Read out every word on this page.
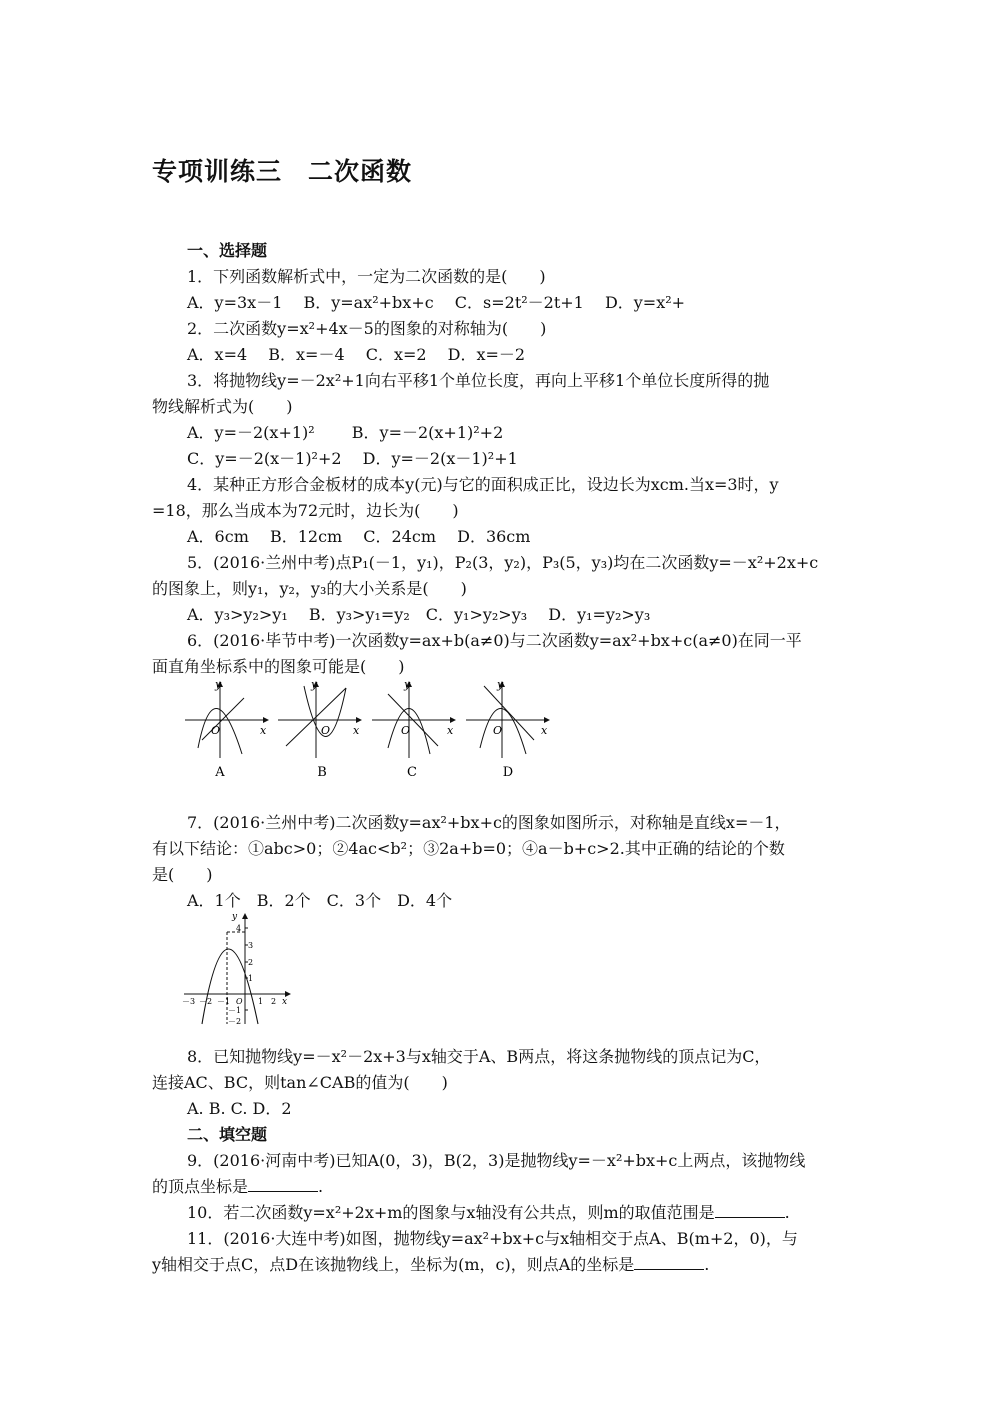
专项训练三　二次函数
一、选择题
1．下列函数解析式中，一定为二次函数的是(　　)
A．y=3x－1　 B．y=ax²+bx+c　 C．s=2t²－2t+1　 D．y=x²+
2．二次函数y=x²+4x－5的图象的对称轴为(　　)
A．x=4　 B．x=－4　 C．x=2　 D．x=－2
3．将抛物线y=－2x²+1向右平移1个单位长度，再向上平移1个单位长度所得的抛
物线解析式为(　　)
A．y=－2(x+1)²　　 B．y=－2(x+1)²+2
C．y=－2(x－1)²+2　 D．y=－2(x－1)²+1
4．某种正方形合金板材的成本y(元)与它的面积成正比，设边长为xcm.当x=3时，y
=18，那么当成本为72元时，边长为(　　)
A．6cm　 B．12cm　 C．24cm　 D．36cm
5．(2016·兰州中考)点P₁(－1，y₁)，P₂(3，y₂)，P₃(5，y₃)均在二次函数y=－x²+2x+c
的图象上，则y₁，y₂，y₃的大小关系是(　　)
A．y₃>y₂>y₁　 B．y₃>y₁=y₂　C．y₁>y₂>y₃　 D．y₁=y₂>y₃
6．(2016·毕节中考)一次函数y=ax+b(a≠0)与二次函数y=ax²+bx+c(a≠0)在同一平
面直角坐标系中的图象可能是(　　)
y
x
O
A
y
x
O
B
y
x
O
C
y
x
O
D
7．(2016·兰州中考)二次函数y=ax²+bx+c的图象如图所示，对称轴是直线x=－1，
有以下结论：①abc>0；②4ac<b²；③2a+b=0；④a－b+c>2.其中正确的结论的个数
是(　　)
A．1个　B．2个　C．3个　D．4个
y
4
3
2
1
－1
－2
－3 －2 －1 O 1 2 x
8．已知抛物线y=－x²－2x+3与x轴交于A、B两点，将这条抛物线的顶点记为C，
连接AC、BC，则tan∠CAB的值为(　　)
A. B. C. D．2
二、填空题
9．(2016·河南中考)已知A(0，3)，B(2，3)是抛物线y=－x²+bx+c上两点，该抛物线
的顶点坐标是	.
10．若二次函数y=x²+2x+m的图象与x轴没有公共点，则m的取值范围是	.
11．(2016·大连中考)如图，抛物线y=ax²+bx+c与x轴相交于点A、B(m+2，0)，与
y轴相交于点C，点D在该抛物线上，坐标为(m，c)，则点A的坐标是	.
